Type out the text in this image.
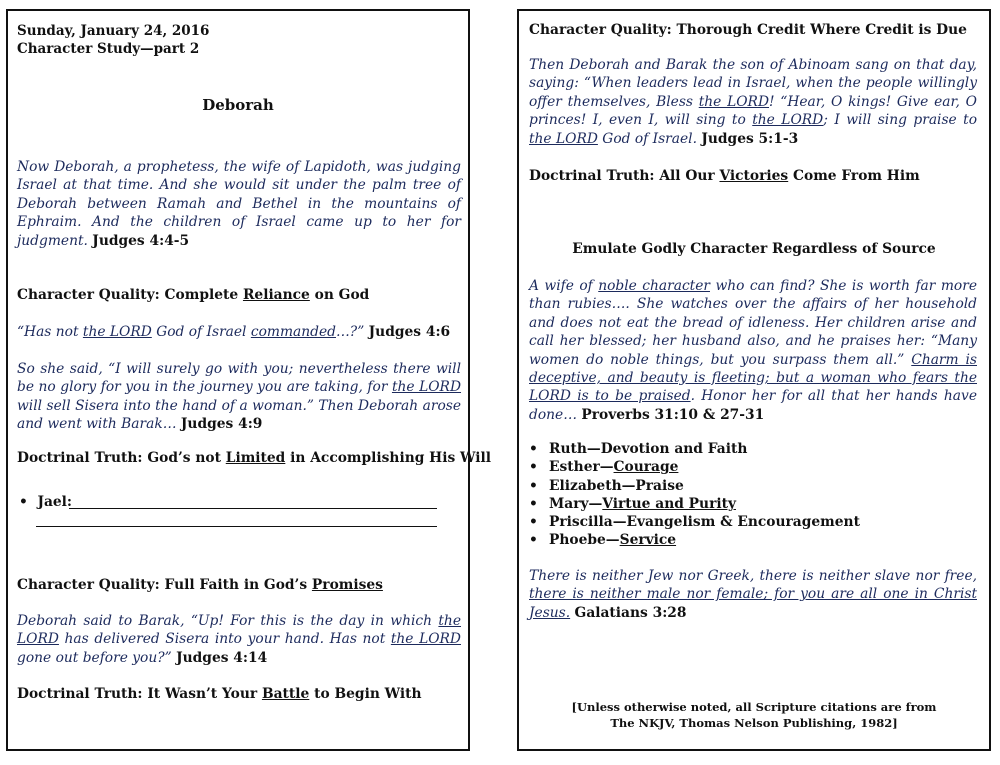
Sunday, January 24, 2016
Character Study—part 2
Deborah
Now Deborah, a prophetess, the wife of Lapidoth, was judging Israel at that time. And she would sit under the palm tree of Deborah between Ramah and Bethel in the mountains of Ephraim. And the children of Israel came up to her for judgment. Judges 4:4-5
Character Quality: Complete Reliance on God
“Has not the LORD God of Israel commanded…?” Judges 4:6
So she said, “I will surely go with you; nevertheless there will be no glory for you in the journey you are taking, for the LORD will sell Sisera into the hand of a woman.” Then Deborah arose and went with Barak… Judges 4:9
Doctrinal Truth: God’s not Limited in Accomplishing His Will
• Jael:
Character Quality: Full Faith in God’s Promises
Deborah said to Barak, “Up! For this is the day in which the LORD has delivered Sisera into your hand. Has not the LORD gone out before you?” Judges 4:14
Doctrinal Truth: It Wasn’t Your Battle to Begin With
Character Quality: Thorough Credit Where Credit is Due
Then Deborah and Barak the son of Abinoam sang on that day, saying: “When leaders lead in Israel, when the people willingly offer themselves, Bless the LORD! “Hear, O kings! Give ear, O princes! I, even I, will sing to the LORD; I will sing praise to the LORD God of Israel. Judges 5:1-3
Doctrinal Truth: All Our Victories Come From Him
Emulate Godly Character Regardless of Source
A wife of noble character who can find? She is worth far more than rubies…. She watches over the affairs of her household and does not eat the bread of idleness. Her children arise and call her blessed; her husband also, and he praises her: “Many women do noble things, but you surpass them all.” Charm is deceptive, and beauty is fleeting; but a woman who fears the LORD is to be praised. Honor her for all that her hands have done… Proverbs 31:10 & 27-31
• Ruth—Devotion and Faith
• Esther—Courage
• Elizabeth—Praise
• Mary—Virtue and Purity
• Priscilla—Evangelism & Encouragement
• Phoebe—Service
There is neither Jew nor Greek, there is neither slave nor free, there is neither male nor female; for you are all one in Christ Jesus. Galatians 3:28
[Unless otherwise noted, all Scripture citations are from
The NKJV, Thomas Nelson Publishing, 1982]
